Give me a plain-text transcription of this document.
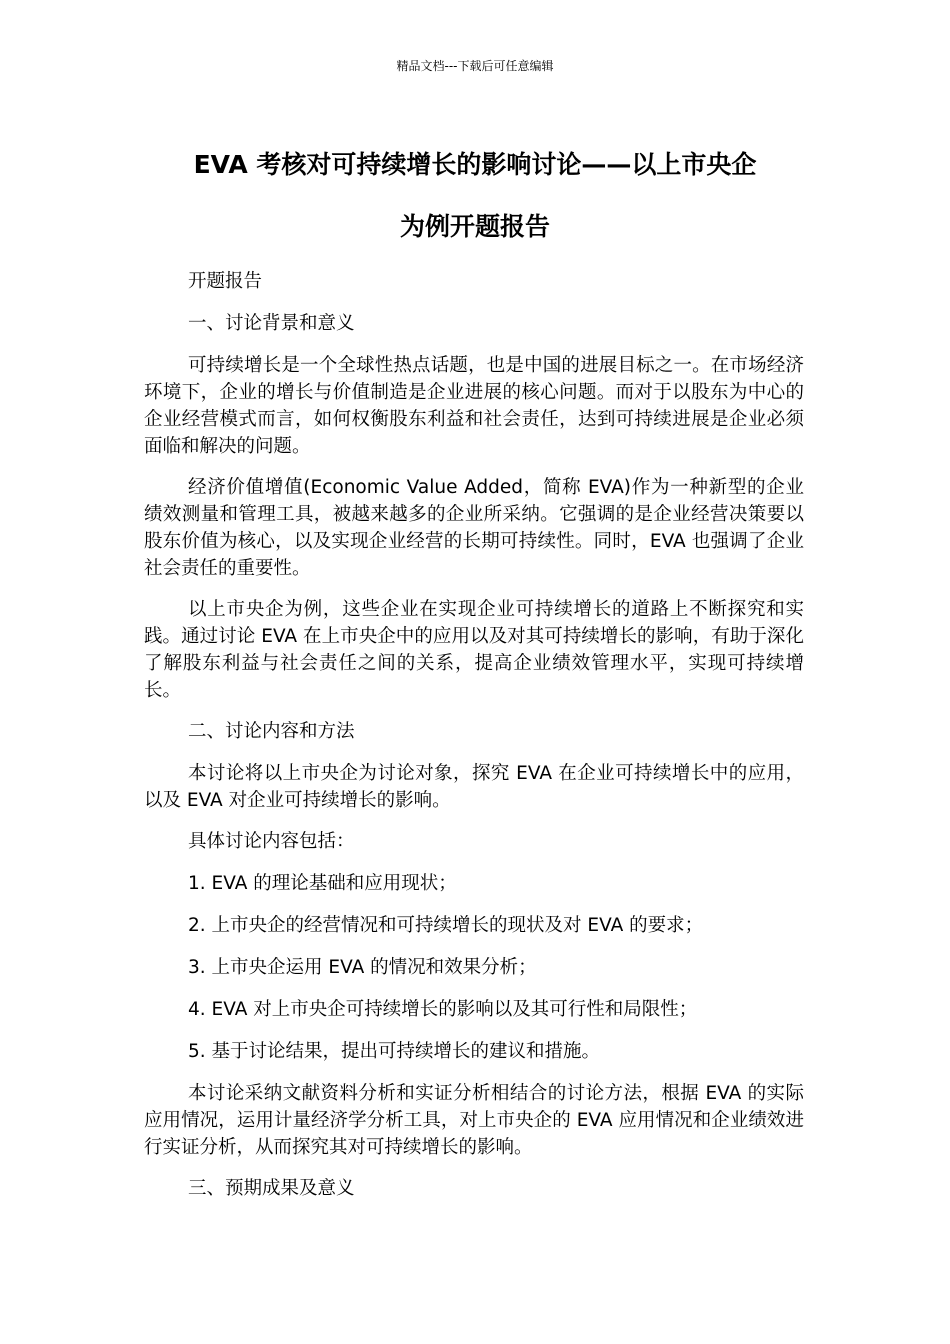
精品文档---下载后可任意编辑
EVA 考核对可持续增长的影响讨论——以上市央企
为例开题报告

开题报告

一、讨论背景和意义

可持续增长是一个全球性热点话题，也是中国的进展目标之一。在市场经济环境下，企业的增长与价值制造是企业进展的核心问题。而对于以股东为中心的企业经营模式而言，如何权衡股东利益和社会责任，达到可持续进展是企业必须面临和解决的问题。

经济价值增值(Economic Value Added，简称 EVA)作为一种新型的企业绩效测量和管理工具，被越来越多的企业所采纳。它强调的是企业经营决策要以股东价值为核心，以及实现企业经营的长期可持续性。同时，EVA 也强调了企业社会责任的重要性。

以上市央企为例，这些企业在实现企业可持续增长的道路上不断探究和实践。通过讨论 EVA 在上市央企中的应用以及对其可持续增长的影响，有助于深化了解股东利益与社会责任之间的关系，提高企业绩效管理水平，实现可持续增长。

二、讨论内容和方法

本讨论将以上市央企为讨论对象，探究 EVA 在企业可持续增长中的应用，以及 EVA 对企业可持续增长的影响。

具体讨论内容包括：

1. EVA 的理论基础和应用现状；

2. 上市央企的经营情况和可持续增长的现状及对 EVA 的要求；

3. 上市央企运用 EVA 的情况和效果分析；

4. EVA 对上市央企可持续增长的影响以及其可行性和局限性；

5. 基于讨论结果，提出可持续增长的建议和措施。

本讨论采纳文献资料分析和实证分析相结合的讨论方法，根据 EVA 的实际应用情况，运用计量经济学分析工具，对上市央企的 EVA 应用情况和企业绩效进行实证分析，从而探究其对可持续增长的影响。

三、预期成果及意义
